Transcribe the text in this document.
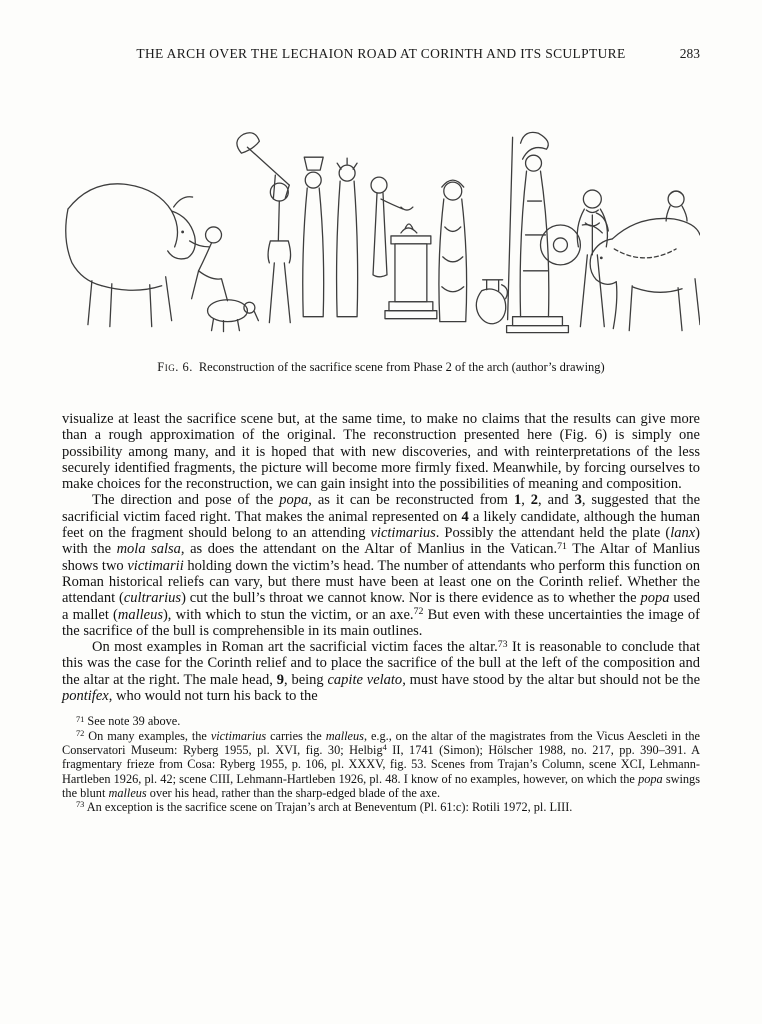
THE ARCH OVER THE LECHAION ROAD AT CORINTH AND ITS SCULPTURE	283
Fig. 6. Reconstruction of the sacrifice scene from Phase 2 of the arch (author’s drawing)

visualize at least the sacrifice scene but, at the same time, to make no claims that the results can give more than a rough approximation of the original. The reconstruction presented here (Fig. 6) is simply one possibility among many, and it is hoped that with new discoveries, and with reinterpretations of the less securely identified fragments, the picture will become more firmly fixed. Meanwhile, by forcing ourselves to make choices for the reconstruction, we can gain insight into the possibilities of meaning and composition.

The direction and pose of the popa, as it can be reconstructed from 1, 2, and 3, suggested that the sacrificial victim faced right. That makes the animal represented on 4 a likely candidate, although the human feet on the fragment should belong to an attending victimarius. Possibly the attendant held the plate (lanx) with the mola salsa, as does the attendant on the Altar of Manlius in the Vatican.$^{71}$ The Altar of Manlius shows two victimarii holding down the victim’s head. The number of attendants who perform this function on Roman historical reliefs can vary, but there must have been at least one on the Corinth relief. Whether the attendant (cultrarius) cut the bull’s throat we cannot know. Nor is there evidence as to whether the popa used a mallet (malleus), with which to stun the victim, or an axe.$^{72}$ But even with these uncertainties the image of the sacrifice of the bull is comprehensible in its main outlines.

On most examples in Roman art the sacrificial victim faces the altar.$^{73}$ It is reasonable to conclude that this was the case for the Corinth relief and to place the sacrifice of the bull at the left of the composition and the altar at the right. The male head, 9, being capite velato, must have stood by the altar but should not be the pontifex, who would not turn his back to the

$^{71}$ See note 39 above.

$^{72}$ On many examples, the victimarius carries the malleus, e.g., on the altar of the magistrates from the Vicus Aescleti in the Conservatori Museum: Ryberg 1955, pl. XVI, fig. 30; Helbig$^4$ II, 1741 (Simon); Hölscher 1988, no. 217, pp. 390–391. A fragmentary frieze from Cosa: Ryberg 1955, p. 106, pl. XXXV, fig. 53. Scenes from Trajan’s Column, scene XCI, Lehmann-Hartleben 1926, pl. 42; scene CIII, Lehmann-Hartleben 1926, pl. 48. I know of no examples, however, on which the popa swings the blunt malleus over his head, rather than the sharp-edged blade of the axe.

$^{73}$ An exception is the sacrifice scene on Trajan’s arch at Beneventum (Pl. 61:c): Rotili 1972, pl. LIII.
